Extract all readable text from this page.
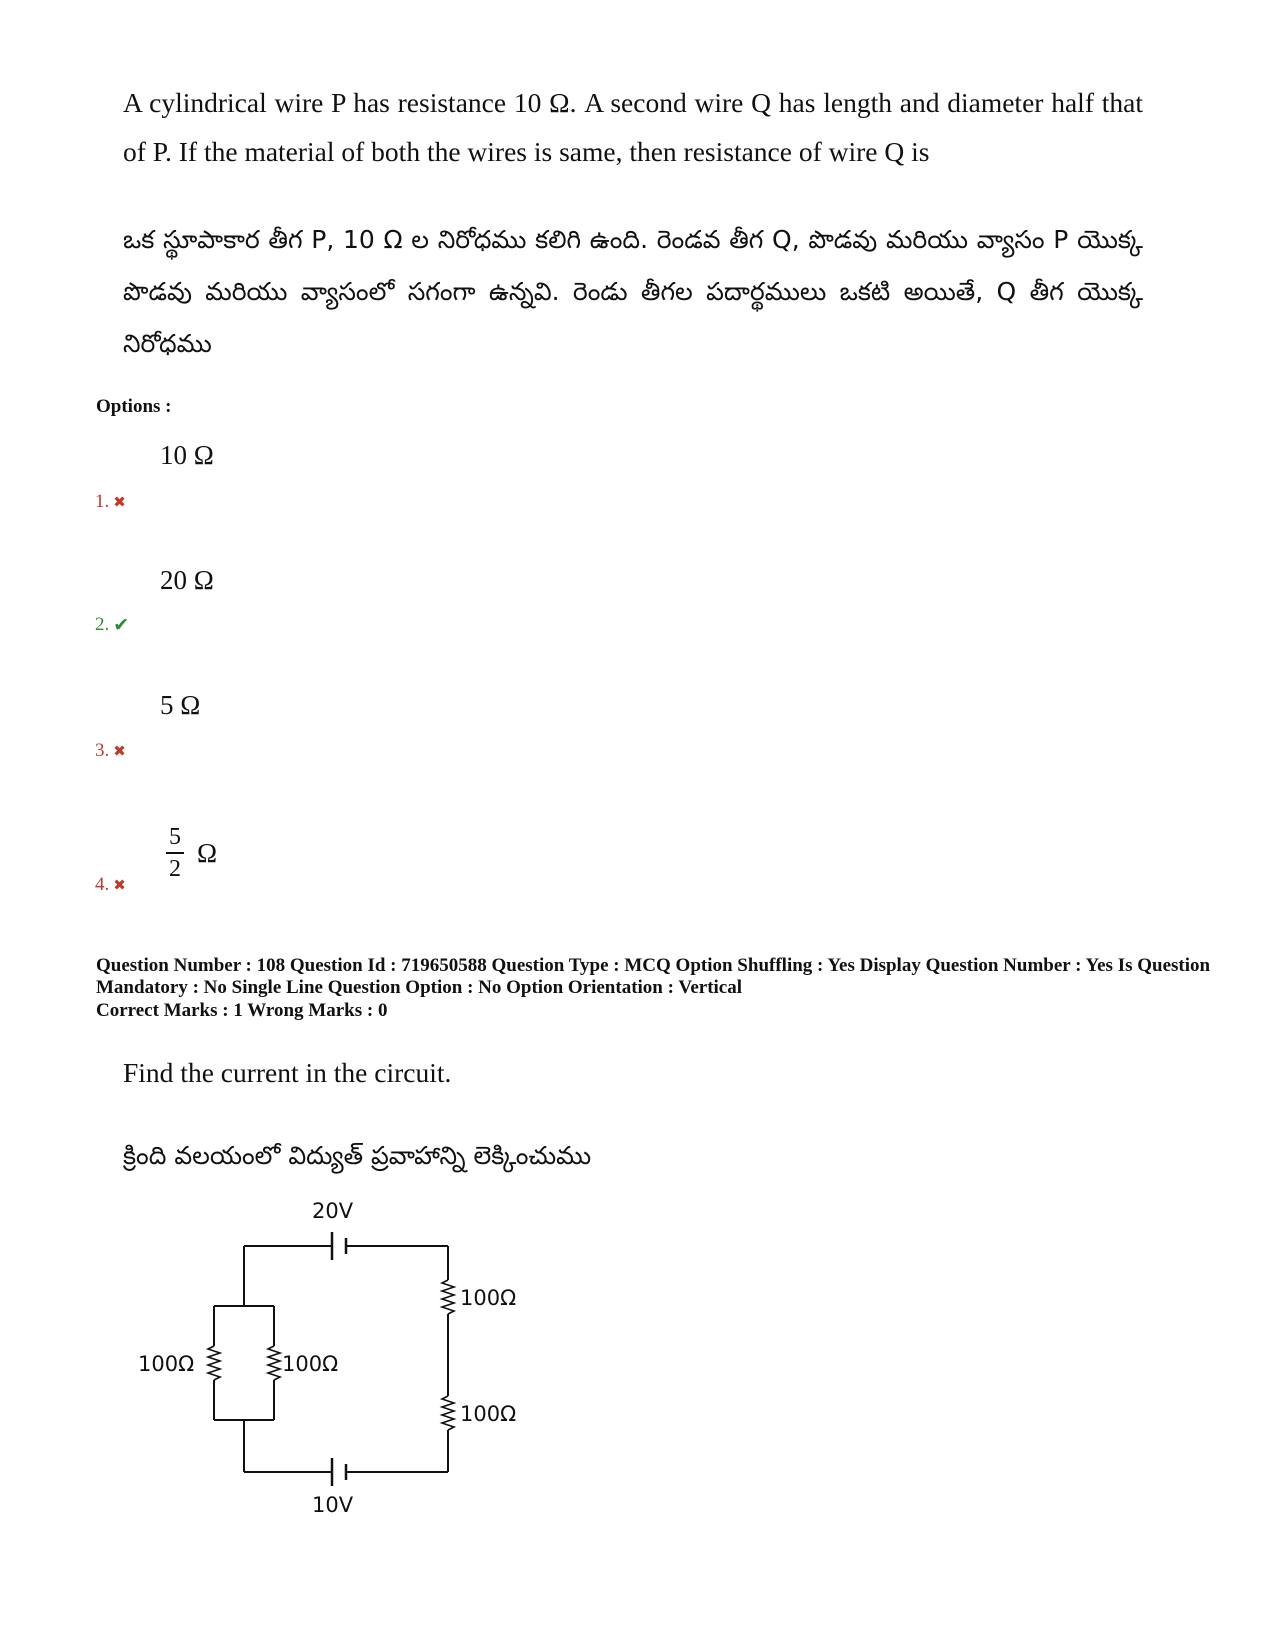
A cylindrical wire P has resistance 10 Ω. A second wire Q has length and diameter half that of P. If the material of both the wires is same, then resistance of wire Q is
ఒక స్థూపాకార తీగ P, 10 Ω ల నిరోధము కలిగి ఉంది. రెండవ తీగ Q, పొడవు మరియు వ్యాసం P యొక్క పొడవు మరియు వ్యాసంలో సగంగా ఉన్నవి. రెండు తీగల పదార్థములు ఒకటి అయితే, Q తీగ యొక్క నిరోధము
Options :
10 Ω
1. ✖
20 Ω
2. ✔
5 Ω
3. ✖
5
2
Ω
4. ✖
Question Number : 108 Question Id : 719650588 Question Type : MCQ Option Shuffling : Yes Display Question Number : Yes Is Question Mandatory : No Single Line Question Option : No Option Orientation : Vertical
Correct Marks : 1 Wrong Marks : 0
Find the current in the circuit.
క్రింది వలయంలో విద్యుత్ ప్రవాహాన్ని లెక్కించుము
20V
10V
100Ω
100Ω
100Ω	100Ω
